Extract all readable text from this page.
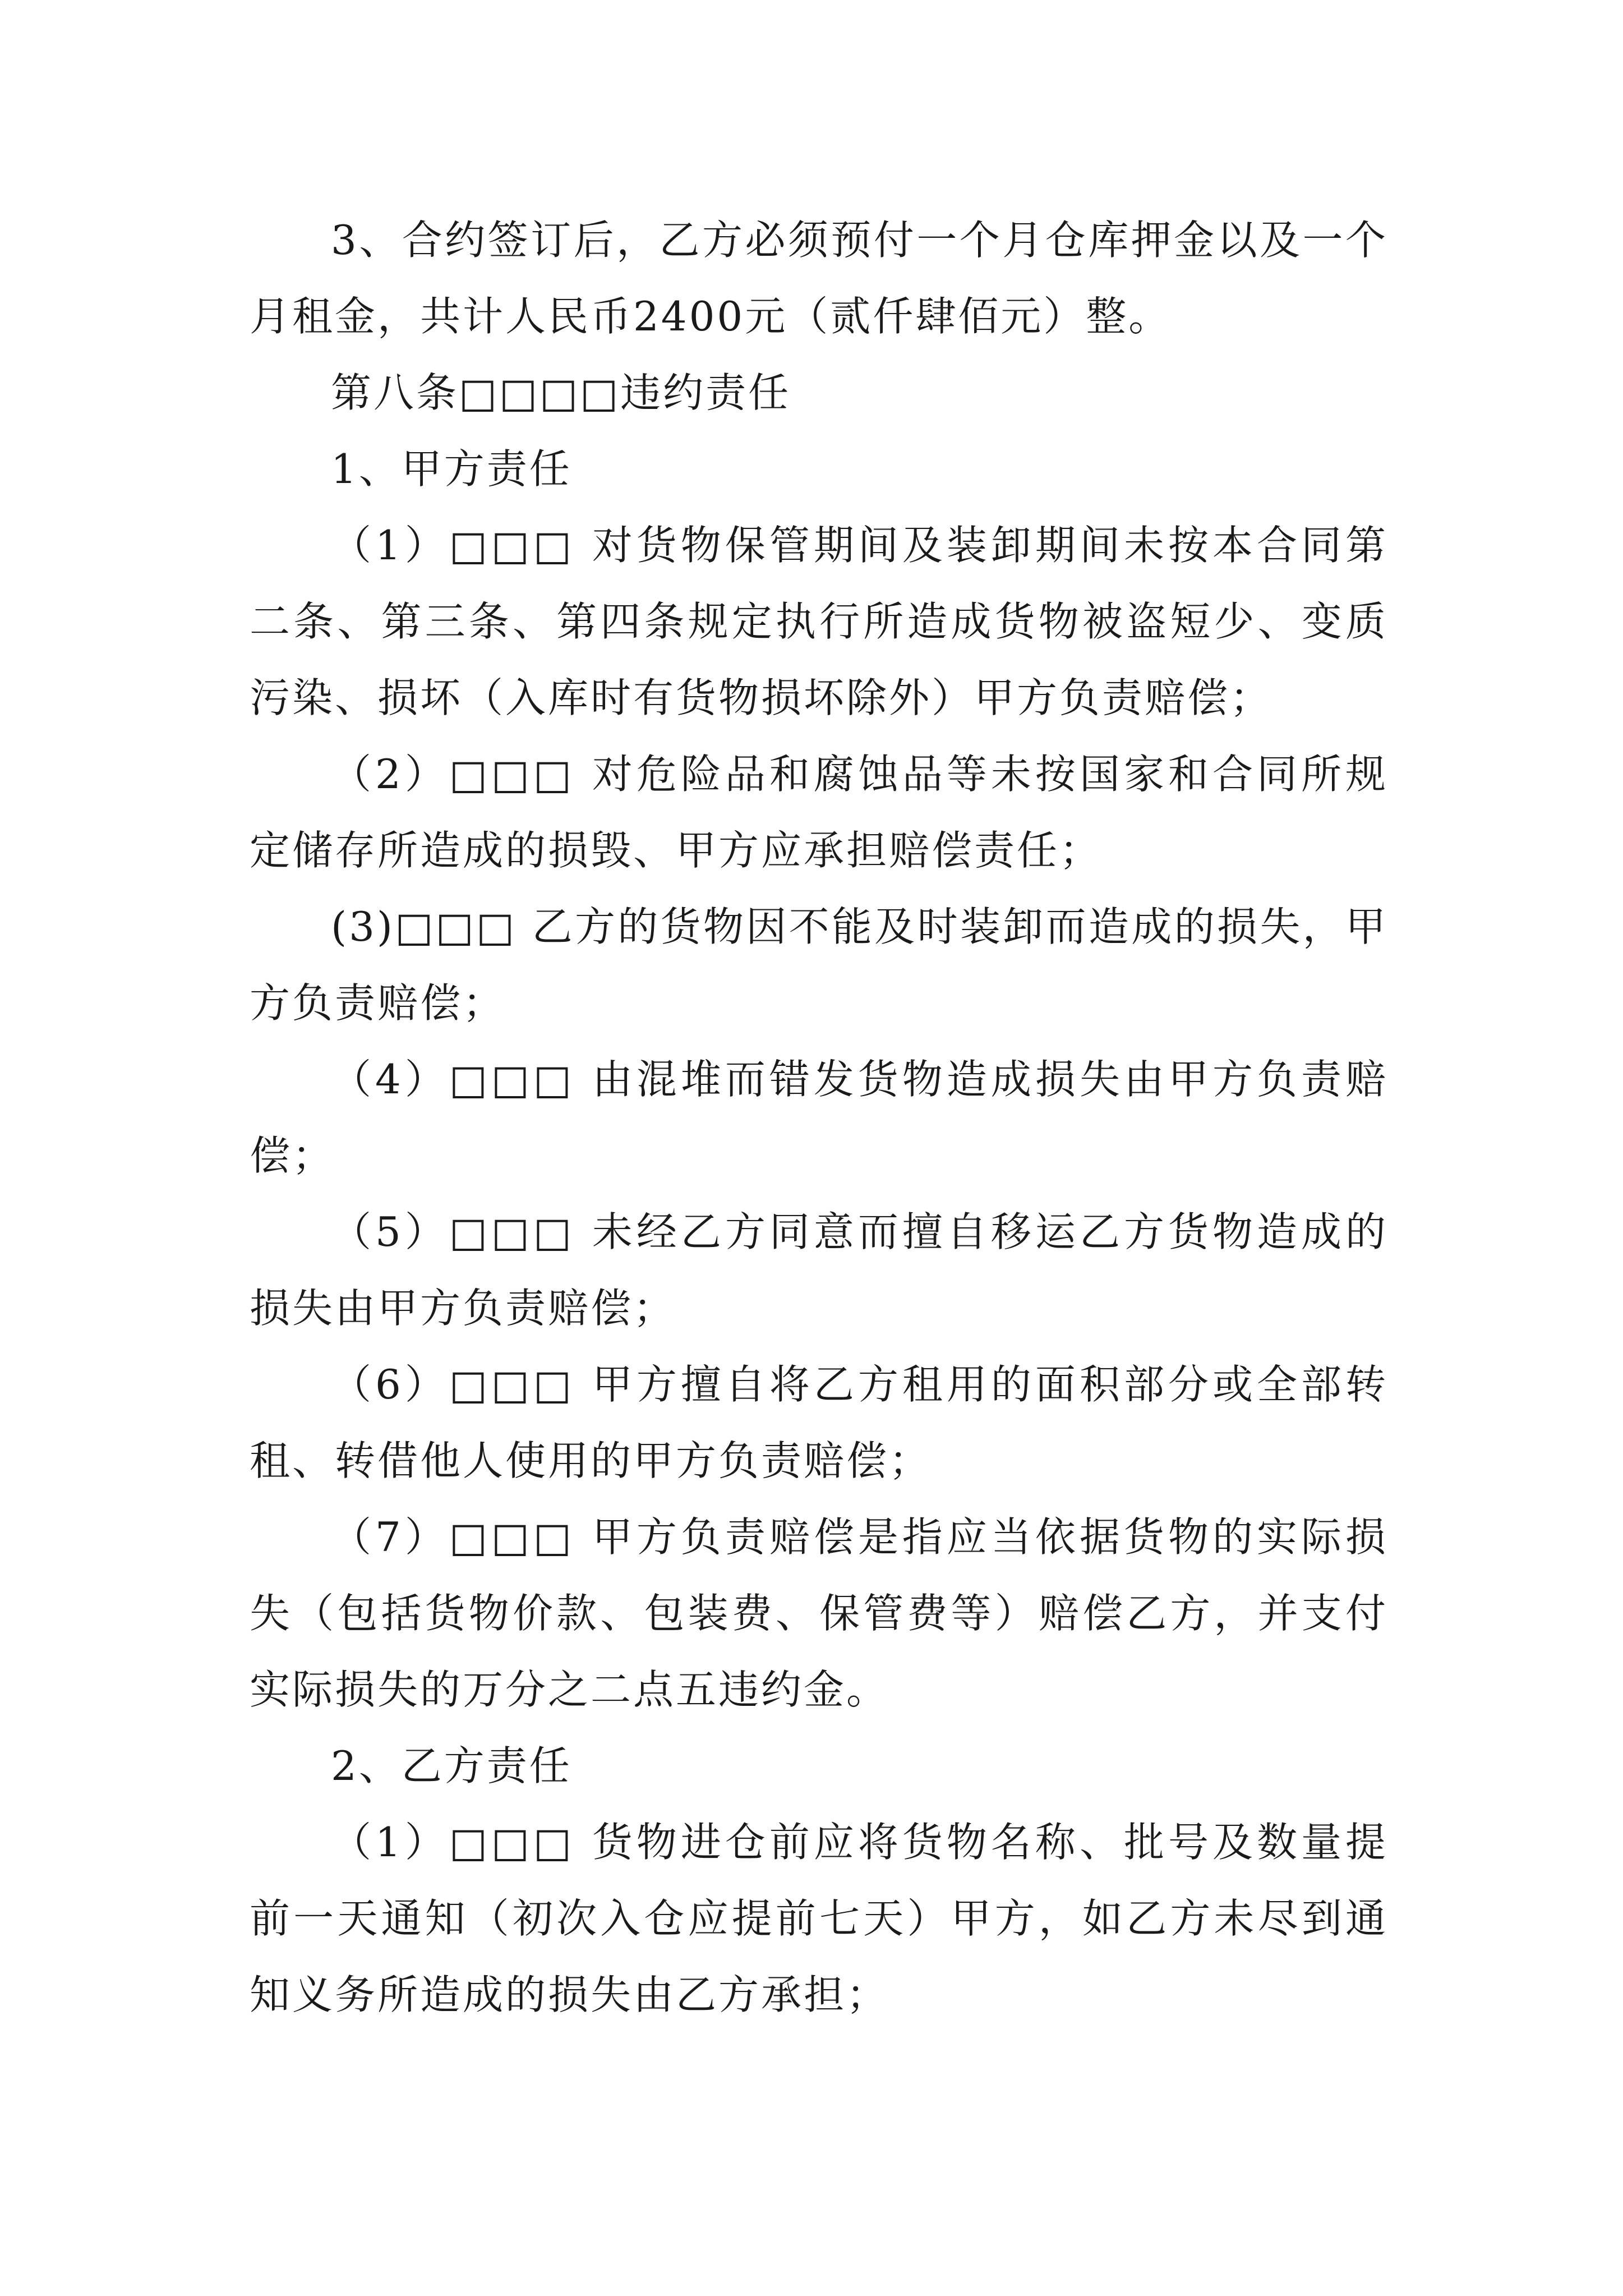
3、合约签订后，乙方必须预付一个月仓库押金以及一个月租金，共计人民币2400元（贰仟肆佰元）整。

第八条□□□□违约责任

1、甲方责任

（1）□□□ 对货物保管期间及装卸期间未按本合同第二条、第三条、第四条规定执行所造成货物被盗短少、变质污染、损坏（入库时有货物损坏除外）甲方负责赔偿；

（2）□□□ 对危险品和腐蚀品等未按国家和合同所规定储存所造成的损毁、甲方应承担赔偿责任；

(3)□□□ 乙方的货物因不能及时装卸而造成的损失，甲方负责赔偿；

（4）□□□ 由混堆而错发货物造成损失由甲方负责赔偿；

（5）□□□ 未经乙方同意而擅自移运乙方货物造成的损失由甲方负责赔偿；

（6）□□□ 甲方擅自将乙方租用的面积部分或全部转租、转借他人使用的甲方负责赔偿；

（7）□□□ 甲方负责赔偿是指应当依据货物的实际损失（包括货物价款、包装费、保管费等）赔偿乙方，并支付实际损失的万分之二点五违约金。

2、乙方责任

（1）□□□ 货物进仓前应将货物名称、批号及数量提前一天通知（初次入仓应提前七天）甲方，如乙方未尽到通知义务所造成的损失由乙方承担；
